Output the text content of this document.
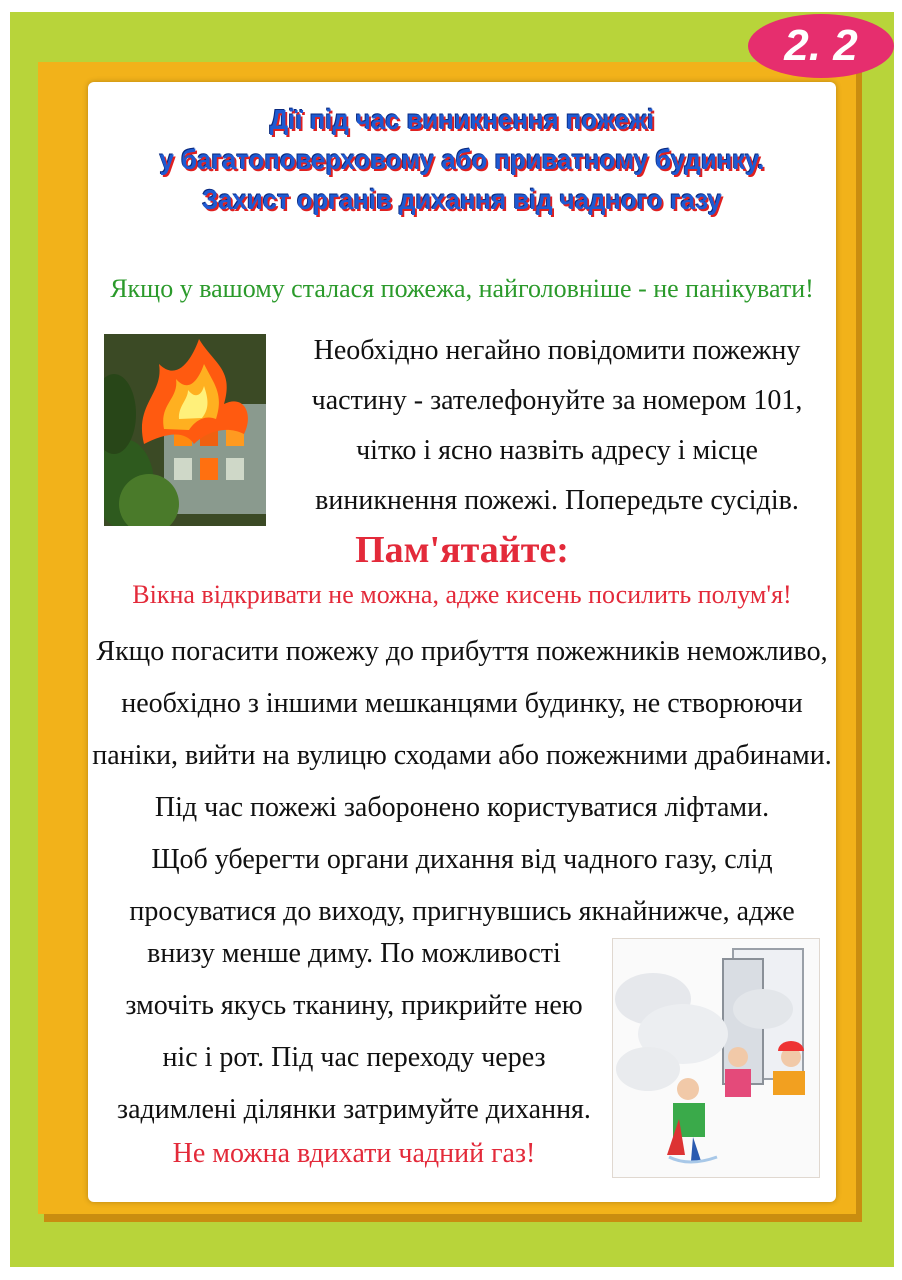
2. 2
Дії під час виникнення пожежі
у багатоповерховому або приватному будинку.
Захист органів дихання від чадного газу
Якщо у вашому сталася пожежа, найголовніше - не панікувати!
Необхідно негайно повідомити пожежну
частину - зателефонуйте за номером 101,
чітко і ясно назвіть адресу і місце
виникнення пожежі. Попередьте сусідів.
Пам'ятайте:
Вікна відкривати не можна, адже кисень посилить полум'я!
Якщо погасити пожежу до прибуття пожежників неможливо,
необхідно з іншими мешканцями будинку, не створюючи
паніки, вийти на вулицю сходами або пожежними драбинами.
Під час пожежі заборонено користуватися ліфтами.
Щоб уберегти органи дихання від чадного газу, слід
просуватися до виходу, пригнувшись якнайнижче, адже
внизу менше диму. По можливості
змочіть якусь тканину, прикрийте нею
ніс і рот. Під час переходу через
задимлені ділянки затримуйте дихання.
Не можна вдихати чадний газ!
